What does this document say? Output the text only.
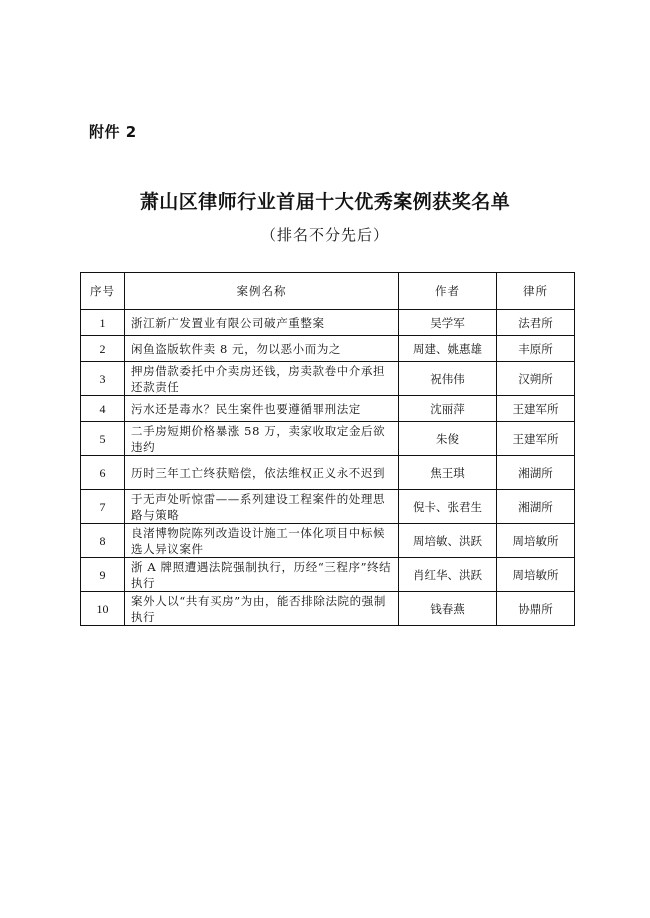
附件 2
萧山区律师行业首届十大优秀案例获奖名单
（排名不分先后）
序号	案例名称	作者	律所
1	浙江新广发置业有限公司破产重整案	吴学军	法君所
2	闲鱼盗版软件卖 8 元，勿以恶小而为之	周建、姚惠雄	丰原所
3	押房借款委托中介卖房还钱，房卖款卷中介承担还款责任	祝伟伟	汉朔所
4	污水还是毒水？民生案件也要遵循罪刑法定	沈丽萍	王建军所
5	二手房短期价格暴涨 58 万，卖家收取定金后欲违约	朱俊	王建军所
6	历时三年工亡终获赔偿，依法维权正义永不迟到	焦王琪	湘湖所
7	于无声处听惊雷——系列建设工程案件的处理思路与策略	倪卡、张君生	湘湖所
8	良渚博物院陈列改造设计施工一体化项目中标候选人异议案件	周培敏、洪跃	周培敏所
9	浙 A 牌照遭遇法院强制执行，历经“三程序”终结执行	肖红华、洪跃	周培敏所
10	案外人以“共有买房”为由，能否排除法院的强制执行	钱春燕	协鼎所
